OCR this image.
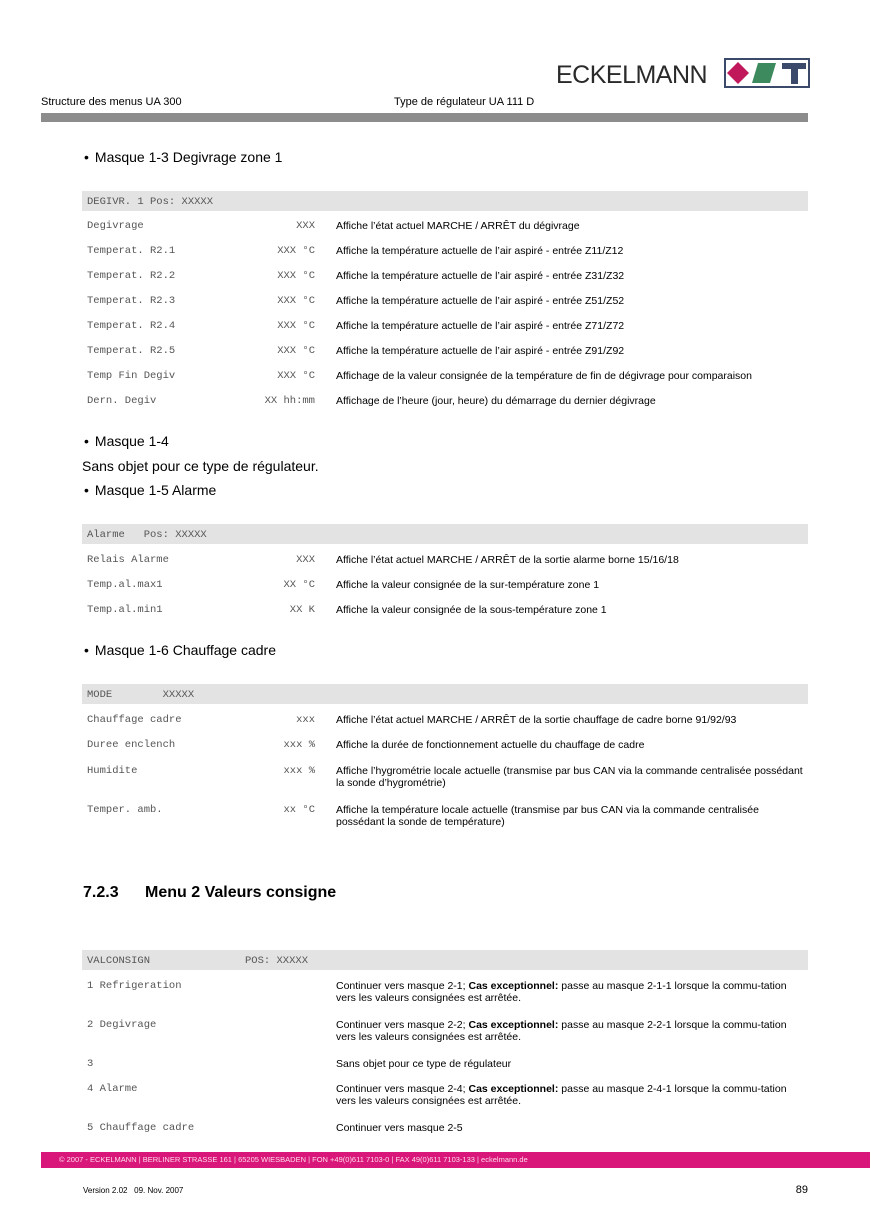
ECKELMANN
Structure des menus UA 300	Type de régulateur UA 111 D
• Masque 1-3 Degivrage zone 1
DEGIVR. 1 Pos: XXXXX
Degivrage	XXX Affiche l’état actuel MARCHE / ARRÊT du dégivrage
Temperat. R2.1	XXX °C Affiche la température actuelle de l’air aspiré - entrée Z11/Z12
Temperat. R2.2	XXX °C Affiche la température actuelle de l’air aspiré - entrée Z31/Z32
Temperat. R2.3	XXX °C Affiche la température actuelle de l’air aspiré - entrée Z51/Z52
Temperat. R2.4	XXX °C Affiche la température actuelle de l’air aspiré - entrée Z71/Z72
Temperat. R2.5	XXX °C Affiche la température actuelle de l’air aspiré - entrée Z91/Z92
Temp Fin Degiv	XXX °C Affichage de la valeur consignée de la température de fin de dégivrage pour comparaison
Dern. Degiv	XX hh:mm Affichage de l’heure (jour, heure) du démarrage du dernier dégivrage
• Masque 1-4
Sans objet pour ce type de régulateur.
• Masque 1-5 Alarme
Alarme   Pos: XXXXX
Relais Alarme	XXX Affiche l’état actuel MARCHE / ARRÊT de la sortie alarme borne 15/16/18
Temp.al.max1	XX °C Affiche la valeur consignée de la sur-température zone 1
Temp.al.min1	XX K Affiche la valeur consignée de la sous-température zone 1
• Masque 1-6 Chauffage cadre
MODE        XXXXX
Chauffage cadre	xxx Affiche l’état actuel MARCHE / ARRÊT de la sortie chauffage de cadre borne 91/92/93
Duree enclench	xxx % Affiche la durée de fonctionnement actuelle du chauffage de cadre
Humidite	xxx % Affiche l’hygrométrie locale actuelle (transmise par bus CAN via la commande centralisée possédant la sonde d’hygrométrie)
Temper. amb.	xx °C Affiche la température locale actuelle (transmise par bus CAN via la commande centralisée possédant la sonde de température)
7.2.3 Menu 2 Valeurs consigne
VALCONSIGN	POS: XXXXX
1 Refrigeration	Continuer vers masque 2-1; Cas exceptionnel: passe au masque 2-1-1 lorsque la commu-tation vers les valeurs consignées est arrêtée.
2 Degivrage	Continuer vers masque 2-2; Cas exceptionnel: passe au masque 2-2-1 lorsque la commu-tation vers les valeurs consignées est arrêtée.
3	Sans objet pour ce type de régulateur
4 Alarme	Continuer vers masque 2-4; Cas exceptionnel: passe au masque 2-4-1 lorsque la commu-tation vers les valeurs consignées est arrêtée.
5 Chauffage cadre	Continuer vers masque 2-5
© 2007 - ECKELMANN | BERLINER STRASSE 161 | 65205 WIESBADEN | FON +49(0)611 7103-0 | FAX 49(0)611 7103-133 | eckelmann.de
Version 2.02   09. Nov. 2007	89
